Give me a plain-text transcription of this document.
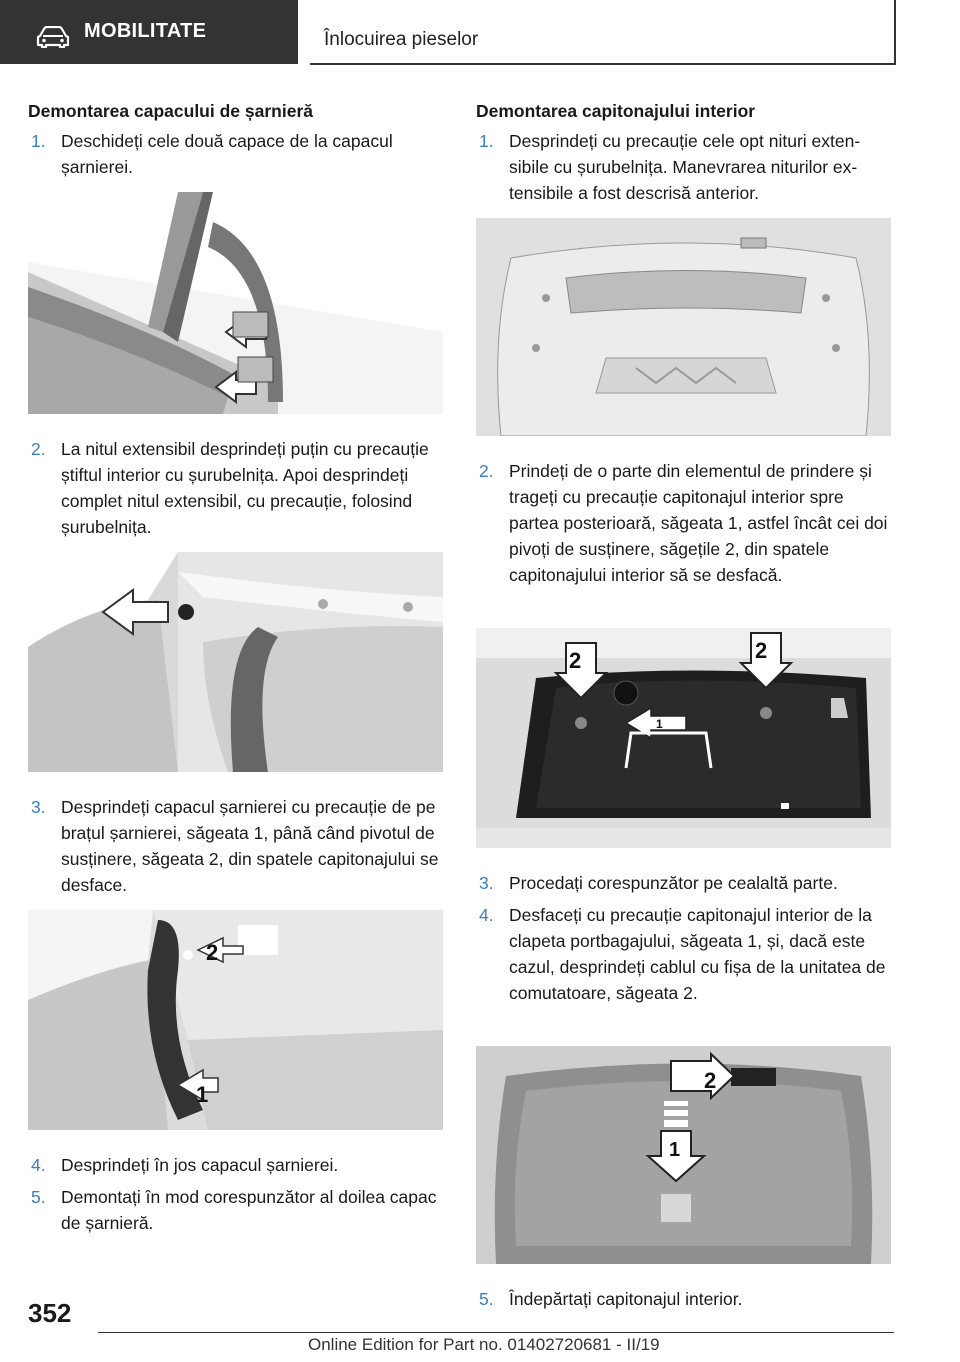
MOBILITATE	Înlocuirea pieselor
Demontarea capacului de șarnieră
1. Deschideți cele două capace de la capacul șarnierei.
2. La nitul extensibil desprindeți puțin cu precauție știftul interior cu șurubelnița. Apoi desprindeți complet nitul extensibil, cu precauție, folosind șurubelnița.
3. Desprindeți capacul șarnierei cu precauție de pe brațul șarnierei, săgeata 1, până când pivotul de susținere, săgeata 2, din spatele capitonajului se desface.
2
1
4. Desprindeți în jos capacul șarnierei.
5. Demontați în mod corespunzător al doilea capac de șarnieră.
Demontarea capitonajului interior
1. Desprindeți cu precauție cele opt nituri extensibile cu șurubelnița. Manevrarea niturilor extensibile a fost descrisă anterior.
2. Prindeți de o parte din elementul de prindere și trageți cu precauție capitonajul interior spre partea posterioară, săgeata 1, astfel încât cei doi pivoți de susținere, săgețile 2, din spatele capitonajului interior să se desfacă.
2	2
1
3. Procedați corespunzător pe cealaltă parte.
4. Desfaceți cu precauție capitonajul interior de la clapeta portbagajului, săgeata 1, și, dacă este cazul, desprindeți cablul cu fișa de la unitatea de comutatoare, săgeata 2.
2
1
5. Îndepărtați capitonajul interior.
352
Online Edition for Part no. 01402720681 - II/19
